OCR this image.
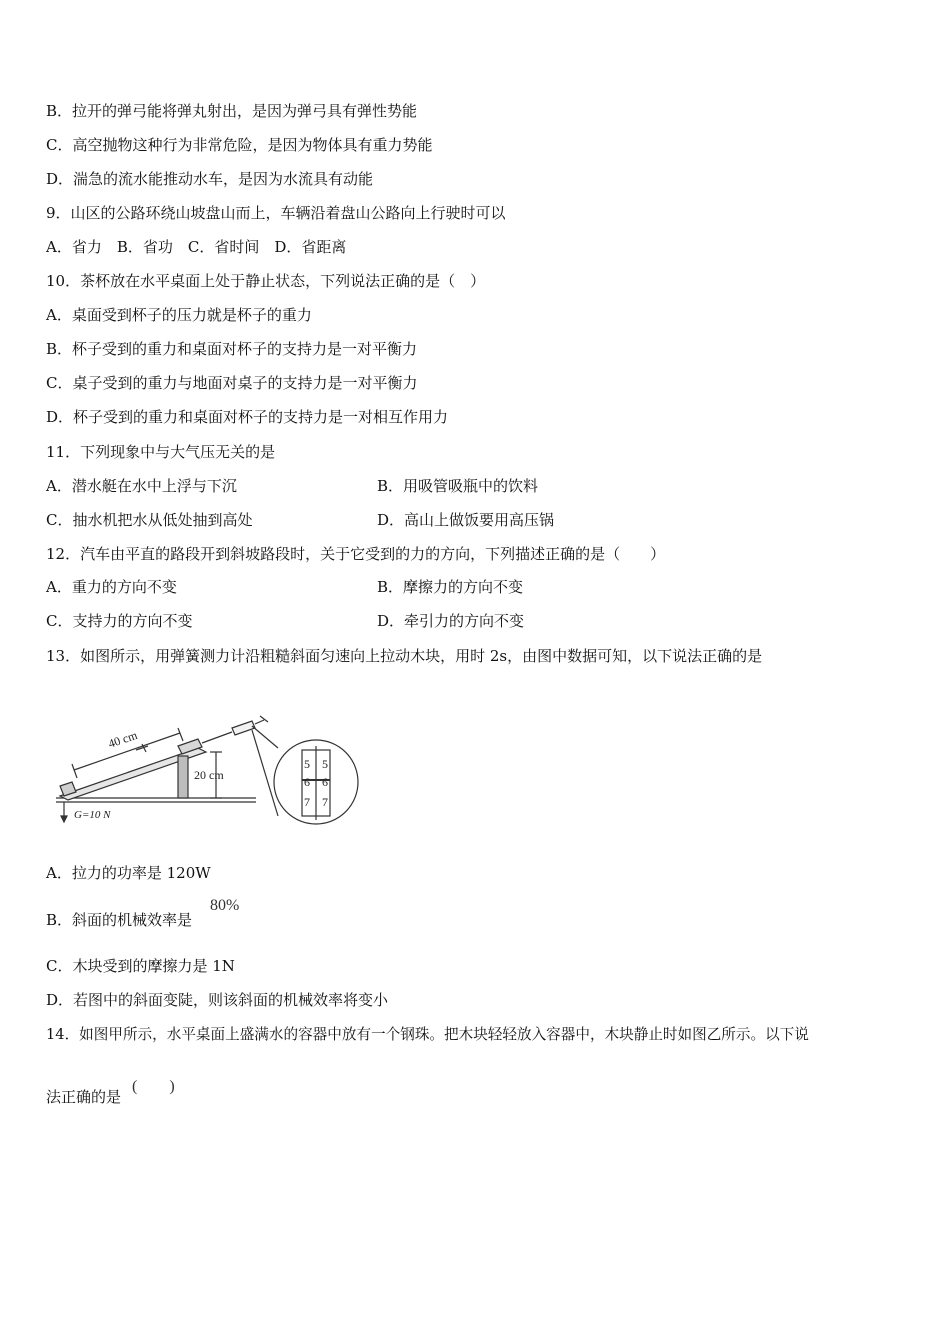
B．拉开的弹弓能将弹丸射出，是因为弹弓具有弹性势能
C．高空抛物这种行为非常危险，是因为物体具有重力势能
D．湍急的流水能推动水车，是因为水流具有动能
9．山区的公路环绕山坡盘山而上，车辆沿着盘山公路向上行驶时可以
A．省力　B．省功　C．省时间　D．省距离
10．茶杯放在水平桌面上处于静止状态，下列说法正确的是（　）
A．桌面受到杯子的压力就是杯子的重力
B．杯子受到的重力和桌面对杯子的支持力是一对平衡力
C．桌子受到的重力与地面对桌子的支持力是一对平衡力
D．杯子受到的重力和桌面对杯子的支持力是一对相互作用力
11．下列现象中与大气压无关的是
A．潜水艇在水中上浮与下沉	B．用吸管吸瓶中的饮料
C．抽水机把水从低处抽到高处	D．高山上做饭要用高压锅
12．汽车由平直的路段开到斜坡路段时，关于它受到的力的方向，下列描述正确的是（　　）
A．重力的方向不变	B．摩擦力的方向不变
C．支持力的方向不变	D．牵引力的方向不变
13．如图所示，用弹簧测力计沿粗糙斜面匀速向上拉动木块，用时 2s，由图中数据可知，以下说法正确的是
40 cm
20 cm
G=10 N
5
6
7
5
6
7
A．拉力的功率是 120W
B．斜面的机械效率是
80%
C．木块受到的摩擦力是 1N
D．若图中的斜面变陡，则该斜面的机械效率将变小
14．如图甲所示，水平桌面上盛满水的容器中放有一个钢珠。把木块轻轻放入容器中，木块静止时如图乙所示。以下说
法正确的是
(　　)
